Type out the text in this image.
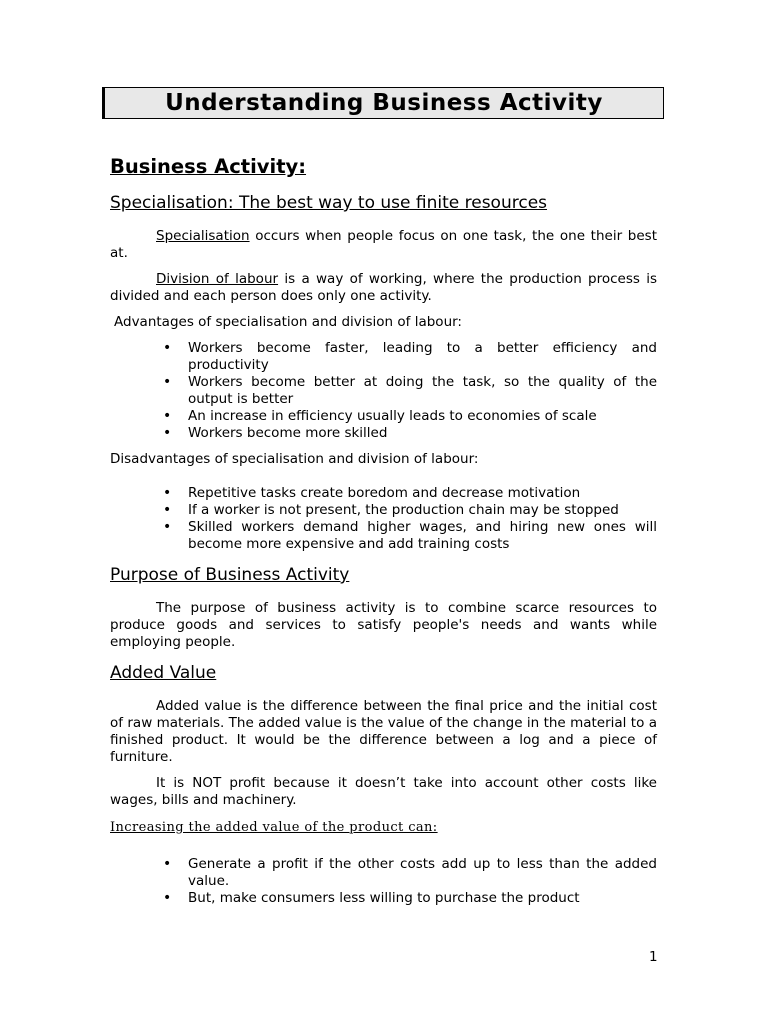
Understanding Business Activity
Business Activity:
Specialisation: The best way to use finite resources

Specialisation occurs when people focus on one task, the one their best at.

Division of labour is a way of working, where the production process is divided and each person does only one activity.

Advantages of specialisation and division of labour:

• Workers become faster, leading to a better efficiency and productivity
• Workers become better at doing the task, so the quality of the output is better
• An increase in efficiency usually leads to economies of scale
• Workers become more skilled

Disadvantages of specialisation and division of labour:

• Repetitive tasks create boredom and decrease motivation
• If a worker is not present, the production chain may be stopped
• Skilled workers demand higher wages, and hiring new ones will become more expensive and add training costs
Purpose of Business Activity

The purpose of business activity is to combine scarce resources to produce goods and services to satisfy people's needs and wants while employing people.

Added Value

Added value is the difference between the final price and the initial cost of raw materials. The added value is the value of the change in the material to a finished product. It would be the difference between a log and a piece of furniture.

It is NOT profit because it doesn’t take into account other costs like wages, bills and machinery.

Increasing the added value of the product can:

• Generate a profit if the other costs add up to less than the added value.
• But, make consumers less willing to purchase the product
1
